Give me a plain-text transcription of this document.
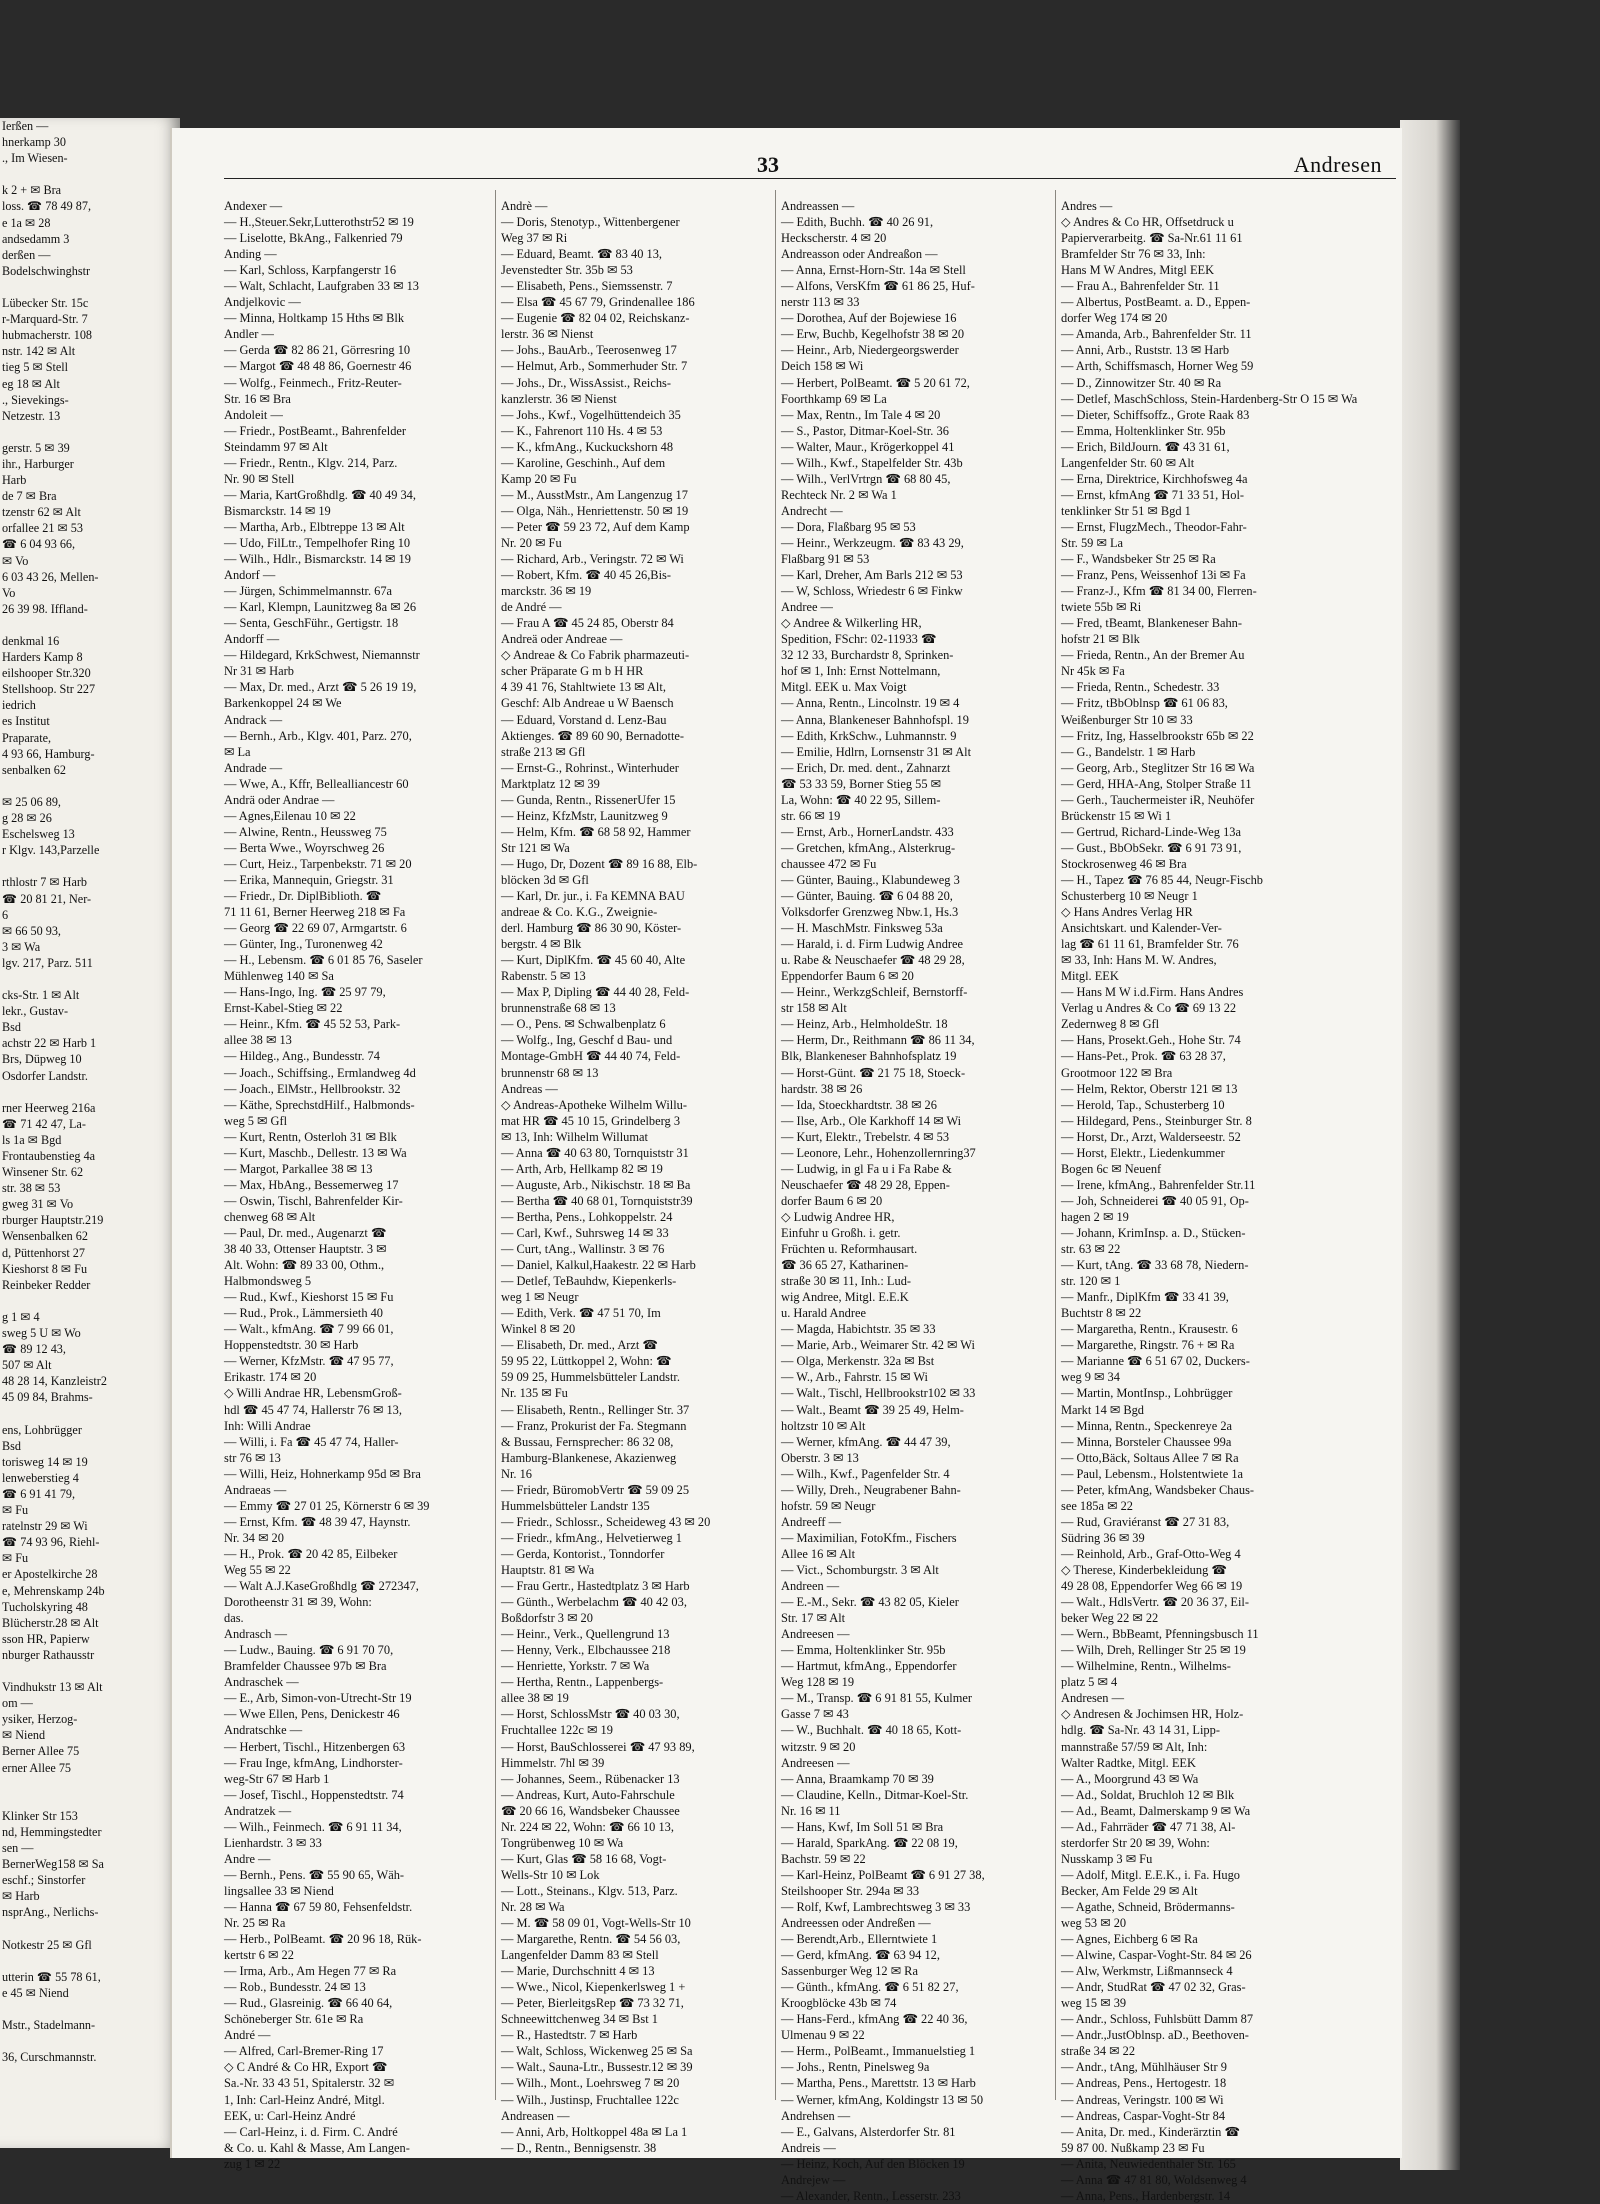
Ierßen —
hnerkamp 30
., Im Wiesen-

k 2 + ✉ Bra
loss. ☎ 78 49 87,
e 1a ✉ 28
andsedamm 3
derßen —
Bodelschwinghstr

Lübecker Str. 15c
r-Marquard-Str. 7
hubmacherstr. 108
nstr. 142 ✉ Alt
tieg 5 ✉ Stell
eg 18 ✉ Alt
., Sievekings-
Netzestr. 13

gerstr. 5 ✉ 39
ihr., Harburger
Harb
de 7 ✉ Bra
tzenstr 62 ✉ Alt
orfallee 21 ✉ 53
☎ 6 04 93 66,
✉ Vo
6 03 43 26, Mellen-
Vo
26 39 98. Iffland-

denkmal 16
Harders Kamp 8
eilshooper Str.320
Stellshoop. Str 227
iedrich
es Institut
Praparate,
4 93 66, Hamburg-
senbalken 62

✉ 25 06 89,
g 28 ✉ 26
Eschelsweg 13
r Klgv. 143,Parzelle

rthlostr 7 ✉ Harb
☎ 20 81 21, Ner-
6
✉ 66 50 93,
3 ✉ Wa
lgv. 217, Parz. 511

cks-Str. 1 ✉ Alt
lekr., Gustav-
Bsd
achstr 22 ✉ Harb 1
Brs, Düpweg 10
Osdorfer Landstr.

rner Heerweg 216a
☎ 71 42 47, La-
ls 1a ✉ Bgd
Frontaubenstieg 4a
Winsener Str. 62
str. 38 ✉ 53
gweg 31 ✉ Vo
rburger Hauptstr.219
Wensenbalken 62
d, Püttenhorst 27
Kieshorst 8 ✉ Fu
Reinbeker Redder

g 1 ✉ 4
sweg 5 U ✉ Wo
☎ 89 12 43,
507 ✉ Alt
48 28 14, Kanzleistr2
45 09 84, Brahms-

ens, Lohbrügger
Bsd
torisweg 14 ✉ 19
lenweberstieg 4
☎ 6 91 41 79,
✉ Fu
ratelnstr 29 ✉ Wi
☎ 74 93 96, Riehl-
✉ Fu
er Apostelkirche 28
e, Mehrenskamp 24b
Tucholskyring 48
Blücherstr.28 ✉ Alt
sson HR, Papierw
nburger Rathausstr

Vindhukstr 13 ✉ Alt
om —
ysiker, Herzog-
✉ Niend
Berner Allee 75
erner Allee 75

Klinker Str 153
nd, Hemmingstedter
sen —
BernerWeg158 ✉ Sa
eschf.; Sinstorfer
✉ Harb
nsprAng., Nerlichs-

Notkestr 25 ✉ Gfl

utterin ☎ 55 78 61,
e 45 ✉ Niend

Mstr., Stadelmann-

36, Curschmannstr.
33	Andresen
Andexer —
— H.,Steuer.Sekr,Lutterothstr52 ✉ 19
— Liselotte, BkAng., Falkenried 79
Anding —
— Karl, Schloss, Karpfangerstr 16
— Walt, Schlacht, Laufgraben 33 ✉ 13
Andjelkovic —
— Minna, Holtkamp 15 Hths ✉ Blk
Andler —
— Gerda ☎ 82 86 21, Görresring 10
— Margot ☎ 48 48 86, Goernestr 46
— Wolfg., Feinmech., Fritz-Reuter-
Str. 16 ✉ Bra
Andoleit —
— Friedr., PostBeamt., Bahrenfelder
Steindamm 97 ✉ Alt
— Friedr., Rentn., Klgv. 214, Parz.
Nr. 90 ✉ Stell
— Maria, KartGroßhdlg. ☎ 40 49 34,
Bismarckstr. 14 ✉ 19
— Martha, Arb., Elbtreppe 13 ✉ Alt
— Udo, FilLtr., Tempelhofer Ring 10
— Wilh., Hdlr., Bismarckstr. 14 ✉ 19
Andorf —
— Jürgen, Schimmelmannstr. 67a
— Karl, Klempn, Launitzweg 8a ✉ 26
— Senta, GeschFühr., Gertigstr. 18
Andorff —
— Hildegard, KrkSchwest, Niemannstr
Nr 31 ✉ Harb
— Max, Dr. med., Arzt ☎ 5 26 19 19,
Barkenkoppel 24 ✉ We
Andrack —
— Bernh., Arb., Klgv. 401, Parz. 270,
✉ La
Andrade —
— Wwe, A., Kffr, Bellealliancestr 60
Andrä oder Andrae —
— Agnes,Eilenau 10 ✉ 22
— Alwine, Rentn., Heussweg 75
— Berta Wwe., Woyrschweg 26
— Curt, Heiz., Tarpenbekstr. 71 ✉ 20
— Erika, Mannequin, Griegstr. 31
— Friedr., Dr. DiplBiblioth. ☎
71 11 61, Berner Heerweg 218 ✉ Fa
— Georg ☎ 22 69 07, Armgartstr. 6
— Günter, Ing., Turonenweg 42
— H., Lebensm. ☎ 6 01 85 76, Saseler
Mühlenweg 140 ✉ Sa
— Hans-Ingo, Ing. ☎ 25 97 79,
Ernst-Kabel-Stieg ✉ 22
— Heinr., Kfm. ☎ 45 52 53, Park-
allee 38 ✉ 13
— Hildeg., Ang., Bundesstr. 74
— Joach., Schiffsing., Ermlandweg 4d
— Joach., ElMstr., Hellbrookstr. 32
— Käthe, SprechstdHilf., Halbmonds-
weg 5 ✉ Gfl
— Kurt, Rentn, Osterloh 31 ✉ Blk
— Kurt, Maschb., Dellestr. 13 ✉ Wa
— Margot, Parkallee 38 ✉ 13
— Max, HbAng., Bessemerweg 17
— Oswin, Tischl, Bahrenfelder Kir-
chenweg 68 ✉ Alt
— Paul, Dr. med., Augenarzt ☎
38 40 33, Ottenser Hauptstr. 3 ✉
Alt. Wohn: ☎ 89 33 00, Othm.,
Halbmondsweg 5
— Rud., Kwf., Kieshorst 15 ✉ Fu
— Rud., Prok., Lämmersieth 40
— Walt., kfmAng. ☎ 7 99 66 01,
Hoppenstedtstr. 30 ✉ Harb
— Werner, KfzMstr. ☎ 47 95 77,
Erikastr. 174 ✉ 20
◇ Willi Andrae HR, LebensmGroß-
hdl ☎ 45 47 74, Hallerstr 76 ✉ 13,
Inh: Willi Andrae
— Willi, i. Fa ☎ 45 47 74, Haller-
str 76 ✉ 13
— Willi, Heiz, Hohnerkamp 95d ✉ Bra
Andraeas —
— Emmy ☎ 27 01 25, Körnerstr 6 ✉ 39
— Ernst, Kfm. ☎ 48 39 47, Haynstr.
Nr. 34 ✉ 20
— H., Prok. ☎ 20 42 85, Eilbeker
Weg 55 ✉ 22
— Walt A.J.KaseGroßhdlg ☎ 272347,
Dorotheenstr 31 ✉ 39, Wohn:
das.
Andrasch —
— Ludw., Bauing. ☎ 6 91 70 70,
Bramfelder Chaussee 97b ✉ Bra
Andraschek —
— E., Arb, Simon-von-Utrecht-Str 19
— Wwe Ellen, Pens, Denickestr 46
Andratschke —
— Herbert, Tischl., Hitzenbergen 63
— Frau Inge, kfmAng, Lindhorster-
weg-Str 67 ✉ Harb 1
— Josef, Tischl., Hoppenstedtstr. 74
Andratzek —
— Wilh., Feinmech. ☎ 6 91 11 34,
Lienhardstr. 3 ✉ 33
Andre —
— Bernh., Pens. ☎ 55 90 65, Wäh-
lingsallee 33 ✉ Niend
— Hanna ☎ 67 59 80, Fehsenfeldstr.
Nr. 25 ✉ Ra
— Herb., PolBeamt. ☎ 20 96 18, Rük-
kertstr 6 ✉ 22
— Irma, Arb., Am Hegen 77 ✉ Ra
— Rob., Bundesstr. 24 ✉ 13
— Rud., Glasreinig. ☎ 66 40 64,
Schöneberger Str. 61e ✉ Ra
André —
— Alfred, Carl-Bremer-Ring 17
◇ C André & Co HR, Export ☎
Sa.-Nr. 33 43 51, Spitalerstr. 32 ✉
1, Inh: Carl-Heinz André, Mitgl.
EEK, u: Carl-Heinz André
— Carl-Heinz, i. d. Firm. C. André
& Co. u. Kahl & Masse, Am Langen-
zug 1 ✉ 22
Andrè —
— Doris, Stenotyp., Wittenbergener
Weg 37 ✉ Ri
— Eduard, Beamt. ☎ 83 40 13,
Jevenstedter Str. 35b ✉ 53
— Elisabeth, Pens., Siemssenstr. 7
— Elsa ☎ 45 67 79, Grindenallee 186
— Eugenie ☎ 82 04 02, Reichskanz-
lerstr. 36 ✉ Nienst
— Johs., BauArb., Teerosenweg 17
— Helmut, Arb., Sommerhuder Str. 7
— Johs., Dr., WissAssist., Reichs-
kanzlerstr. 36 ✉ Nienst
— Johs., Kwf., Vogelhüttendeich 35
— K., Fahrenort 110 Hs. 4 ✉ 53
— K., kfmAng., Kuckuckshorn 48
— Karoline, Geschinh., Auf dem
Kamp 20 ✉ Fu
— M., AusstMstr., Am Langenzug 17
— Olga, Näh., Henriettenstr. 50 ✉ 19
— Peter ☎ 59 23 72, Auf dem Kamp
Nr. 20 ✉ Fu
— Richard, Arb., Veringstr. 72 ✉ Wi
— Robert, Kfm. ☎ 40 45 26,Bis-
marckstr. 36 ✉ 19
de André —
— Frau A ☎ 45 24 85, Oberstr 84
Andreä oder Andreae —
◇ Andreae & Co Fabrik pharmazeuti-
scher Präparate G m b H HR
4 39 41 76, Stahltwiete 13 ✉ Alt,
Geschf: Alb Andreae u W Baensch
— Eduard, Vorstand d. Lenz-Bau
Aktienges. ☎ 89 60 90, Bernadotte-
straße 213 ✉ Gfl
— Ernst-G., Rohrinst., Winterhuder
Marktplatz 12 ✉ 39
— Gunda, Rentn., RissenerUfer 15
— Heinz, KfzMstr, Launitzweg 9
— Helm, Kfm. ☎ 68 58 92, Hammer
Str 121 ✉ Wa
— Hugo, Dr, Dozent ☎ 89 16 88, Elb-
blöcken 3d ✉ Gfl
— Karl, Dr. jur., i. Fa KEMNA BAU
andreae & Co. K.G., Zweignie-
derl. Hamburg ☎ 86 30 90, Köster-
bergstr. 4 ✉ Blk
— Kurt, DiplKfm. ☎ 45 60 40, Alte
Rabenstr. 5 ✉ 13
— Max P, Dipling ☎ 44 40 28, Feld-
brunnenstraße 68 ✉ 13
— O., Pens. ✉ Schwalbenplatz 6
— Wolfg., Ing, Geschf d Bau- und
Montage-GmbH ☎ 44 40 74, Feld-
brunnenstr 68 ✉ 13
Andreas —
◇ Andreas-Apotheke Wilhelm Willu-
mat HR ☎ 45 10 15, Grindelberg 3
✉ 13, Inh: Wilhelm Willumat
— Anna ☎ 40 63 80, Tornquiststr 31
— Arth, Arb, Hellkamp 82 ✉ 19
— Auguste, Arb., Nikischstr. 18 ✉ Ba
— Bertha ☎ 40 68 01, Tornquiststr39
— Bertha, Pens., Lohkoppelstr. 24
— Carl, Kwf., Suhrsweg 14 ✉ 33
— Curt, tAng., Wallinstr. 3 ✉ 76
— Daniel, Kalkul,Haakestr. 22 ✉ Harb
— Detlef, TeBauhdw, Kiepenkerls-
weg 1 ✉ Neugr
— Edith, Verk. ☎ 47 51 70, Im
Winkel 8 ✉ 20
— Elisabeth, Dr. med., Arzt ☎
59 95 22, Lüttkoppel 2, Wohn: ☎
59 09 25, Hummelsbütteler Landstr.
Nr. 135 ✉ Fu
— Elisabeth, Rentn., Rellinger Str. 37
— Franz, Prokurist der Fa. Stegmann
& Bussau, Fernsprecher: 86 32 08,
Hamburg-Blankenese, Akazienweg
Nr. 16
— Friedr, BüromobVertr ☎ 59 09 25
Hummelsbütteler Landstr 135
— Friedr., Schlossr., Scheideweg 43 ✉ 20
— Friedr., kfmAng., Helvetierweg 1
— Gerda, Kontorist., Tonndorfer
Hauptstr. 81 ✉ Wa
— Frau Gertr., Hastedtplatz 3 ✉ Harb
— Günth., Werbelachm ☎ 40 42 03,
Boßdorfstr 3 ✉ 20
— Heinr., Verk., Quellengrund 13
— Henny, Verk., Elbchaussee 218
— Henriette, Yorkstr. 7 ✉ Wa
— Hertha, Rentn., Lappenbergs-
allee 38 ✉ 19
— Horst, SchlossMstr ☎ 40 03 30,
Fruchtallee 122c ✉ 19
— Horst, BauSchlosserei ☎ 47 93 89,
Himmelstr. 7hl ✉ 39
— Johannes, Seem., Rübenacker 13
— Andreas, Kurt, Auto-Fahrschule
☎ 20 66 16, Wandsbeker Chaussee
Nr. 224 ✉ 22, Wohn: ☎ 66 10 13,
Tongrübenweg 10 ✉ Wa
— Kurt, Glas ☎ 58 16 68, Vogt-
Wells-Str 10 ✉ Lok
— Lott., Steinans., Klgv. 513, Parz.
Nr. 28 ✉ Wa
— M. ☎ 58 09 01, Vogt-Wells-Str 10
— Margarethe, Rentn. ☎ 54 56 03,
Langenfelder Damm 83 ✉ Stell
— Marie, Durchschnitt 4 ✉ 13
— Wwe., Nicol, Kiepenkerlsweg 1 +
— Peter, BierleitgsRep ☎ 73 32 71,
Schneewittchenweg 34 ✉ Bst 1
— R., Hastedtstr. 7 ✉ Harb
— Walt, Schloss, Wickenweg 25 ✉ Sa
— Walt., Sauna-Ltr., Bussestr.12 ✉ 39
— Wilh., Mont., Loehrsweg 7 ✉ 20
— Wilh., Justinsp, Fruchtallee 122c
Andreasen —
— Anni, Arb, Holtkoppel 48a ✉ La 1
— D., Rentn., Bennigsenstr. 38
Andreassen —
— Edith, Buchh. ☎ 40 26 91,
Heckscherstr. 4 ✉ 20
Andreasson oder Andreaßon —
— Anna, Ernst-Horn-Str. 14a ✉ Stell
— Alfons, VersKfm ☎ 61 86 25, Huf-
nerstr 113 ✉ 33
— Dorothea, Auf der Bojewiese 16
— Erw, Buchb, Kegelhofstr 38 ✉ 20
— Heinr., Arb, Niedergeorgswerder
Deich 158 ✉ Wi
— Herbert, PolBeamt. ☎ 5 20 61 72,
Foorthkamp 69 ✉ La
— Max, Rentn., Im Tale 4 ✉ 20
— S., Pastor, Ditmar-Koel-Str. 36
— Walter, Maur., Krögerkoppel 41
— Wilh., Kwf., Stapelfelder Str. 43b
— Wilh., VerlVrtrgn ☎ 68 80 45,
Rechteck Nr. 2 ✉ Wa 1
Andrecht —
— Dora, Flaßbarg 95 ✉ 53
— Heinr., Werkzeugm. ☎ 83 43 29,
Flaßbarg 91 ✉ 53
— Karl, Dreher, Am Barls 212 ✉ 53
— W, Schloss, Wriedestr 6 ✉ Finkw
Andree —
◇ Andree & Wilkerling HR,
Spedition, FSchr: 02-11933 ☎
32 12 33, Burchardstr 8, Sprinken-
hof ✉ 1, Inh: Ernst Nottelmann,
Mitgl. EEK u. Max Voigt
— Anna, Rentn., Lincolnstr. 19 ✉ 4
— Anna, Blankeneser Bahnhofspl. 19
— Edith, KrkSchw., Luhmannstr. 9
— Emilie, Hdlrn, Lornsenstr 31 ✉ Alt
— Erich, Dr. med. dent., Zahnarzt
☎ 53 33 59, Borner Stieg 55 ✉
La, Wohn: ☎ 40 22 95, Sillem-
str. 66 ✉ 19
— Ernst, Arb., HornerLandstr. 433
— Gretchen, kfmAng., Alsterkrug-
chaussee 472 ✉ Fu
— Günter, Bauing., Klabundeweg 3
— Günter, Bauing. ☎ 6 04 88 20,
Volksdorfer Grenzweg Nbw.1, Hs.3
— H. MaschMstr. Finksweg 53a
— Harald, i. d. Firm Ludwig Andree
u. Rabe & Neuschaefer ☎ 48 29 28,
Eppendorfer Baum 6 ✉ 20
— Heinr., WerkzgSchleif, Bernstorff-
str 158 ✉ Alt
— Heinz, Arb., HelmholdeStr. 18
— Herm, Dr., Reithmann ☎ 86 11 34,
Blk, Blankeneser Bahnhofsplatz 19
— Horst-Günt. ☎ 21 75 18, Stoeck-
hardstr. 38 ✉ 26
— Ida, Stoeckhardtstr. 38 ✉ 26
— Ilse, Arb., Ole Karkhoff 14 ✉ Wi
— Kurt, Elektr., Trebelstr. 4 ✉ 53
— Leonore, Lehr., Hohenzollernring37
— Ludwig, in gl Fa u i Fa Rabe &
Neuschaefer ☎ 48 29 28, Eppen-
dorfer Baum 6 ✉ 20
◇ Ludwig Andree HR,
Einfuhr u Großh. i. getr.
Früchten u. Reformhausart.
☎ 36 65 27, Katharinen-
straße 30 ✉ 11, Inh.: Lud-
wig Andree, Mitgl. E.E.K
u. Harald Andree
— Magda, Habichtstr. 35 ✉ 33
— Marie, Arb., Weimarer Str. 42 ✉ Wi
— Olga, Merkenstr. 32a ✉ Bst
— W., Arb., Fahrstr. 15 ✉ Wi
— Walt., Tischl, Hellbrookstr102 ✉ 33
— Walt., Beamt ☎ 39 25 49, Helm-
holtzstr 10 ✉ Alt
— Werner, kfmAng. ☎ 44 47 39,
Oberstr. 3 ✉ 13
— Wilh., Kwf., Pagenfelder Str. 4
— Willy, Dreh., Neugrabener Bahn-
hofstr. 59 ✉ Neugr
Andreeff —
— Maximilian, FotoKfm., Fischers
Allee 16 ✉ Alt
— Vict., Schomburgstr. 3 ✉ Alt
Andreen —
— E.-M., Sekr. ☎ 43 82 05, Kieler
Str. 17 ✉ Alt
Andreesen —
— Emma, Holtenklinker Str. 95b
— Hartmut, kfmAng., Eppendorfer
Weg 128 ✉ 19
— M., Transp. ☎ 6 91 81 55, Kulmer
Gasse 7 ✉ 43
— W., Buchhalt. ☎ 40 18 65, Kott-
witzstr. 9 ✉ 20
Andreesen —
— Anna, Braamkamp 70 ✉ 39
— Claudine, Kelln., Ditmar-Koel-Str.
Nr. 16 ✉ 11
— Hans, Kwf, Im Soll 51 ✉ Bra
— Harald, SparkAng. ☎ 22 08 19,
Bachstr. 59 ✉ 22
— Karl-Heinz, PolBeamt ☎ 6 91 27 38,
Steilshooper Str. 294a ✉ 33
— Rolf, Kwf, Lambrechtsweg 3 ✉ 33
Andreessen oder Andreßen —
— Berendt,Arb., Ellerntwiete 1
— Gerd, kfmAng. ☎ 63 94 12,
Sassenburger Weg 12 ✉ Ra
— Günth., kfmAng. ☎ 6 51 82 27,
Kroogblöcke 43b ✉ 74
— Hans-Ferd., kfmAng ☎ 22 40 36,
Ulmenau 9 ✉ 22
— Herm., PolBeamt., Immanuelstieg 1
— Johs., Rentn, Pinelsweg 9a
— Martha, Pens., Marettstr. 13 ✉ Harb
— Werner, kfmAng, Koldingstr 13 ✉ 50
Andrehsen —
— E., Galvans, Alsterdorfer Str. 81
Andreis —
— Heinz, Koch, Auf den Blöcken 19
Andrejew —
— Alexander, Rentn., Lesserstr. 233
Andres —
◇ Andres & Co HR, Offsetdruck u
Papierverarbeitg. ☎ Sa-Nr.61 11 61
Bramfelder Str 76 ✉ 33, Inh:
Hans M W Andres, Mitgl EEK
— Frau A., Bahrenfelder Str. 11
— Albertus, PostBeamt. a. D., Eppen-
dorfer Weg 174 ✉ 20
— Amanda, Arb., Bahrenfelder Str. 11
— Anni, Arb., Ruststr. 13 ✉ Harb
— Arth, Schiffsmasch, Horner Weg 59
— D., Zinnowitzer Str. 40 ✉ Ra
— Detlef, MaschSchloss, Stein-Hardenberg-Str O 15 ✉ Wa
— Dieter, Schiffsoffz., Grote Raak 83
— Emma, Holtenklinker Str. 95b
— Erich, BildJourn. ☎ 43 31 61,
Langenfelder Str. 60 ✉ Alt
— Erna, Direktrice, Kirchhofsweg 4a
— Ernst, kfmAng ☎ 71 33 51, Hol-
tenklinker Str 51 ✉ Bgd 1
— Ernst, FlugzMech., Theodor-Fahr-
Str. 59 ✉ La
— F., Wandsbeker Str 25 ✉ Ra
— Franz, Pens, Weissenhof 13i ✉ Fa
— Franz-J., Kfm ☎ 81 34 00, Flerren-
twiete 55b ✉ Ri
— Fred, tBeamt, Blankeneser Bahn-
hofstr 21 ✉ Blk
— Frieda, Rentn., An der Bremer Au
Nr 45k ✉ Fa
— Frieda, Rentn., Schedestr. 33
— Fritz, tBbOblnsp ☎ 61 06 83,
Weißenburger Str 10 ✉ 33
— Fritz, Ing, Hasselbrookstr 65b ✉ 22
— G., Bandelstr. 1 ✉ Harb
— Georg, Arb., Steglitzer Str 16 ✉ Wa
— Gerd, HHA-Ang, Stolper Straße 11
— Gerh., Tauchermeister iR, Neuhöfer
Brückenstr 15 ✉ Wi 1
— Gertrud, Richard-Linde-Weg 13a
— Gust., BbObSekr. ☎ 6 91 73 91,
Stockrosenweg 46 ✉ Bra
— H., Tapez ☎ 76 85 44, Neugr-Fischb
Schusterberg 10 ✉ Neugr 1
◇ Hans Andres Verlag HR
Ansichtskart. und Kalender-Ver-
lag ☎ 61 11 61, Bramfelder Str. 76
✉ 33, Inh: Hans M. W. Andres,
Mitgl. EEK
— Hans M W i.d.Firm. Hans Andres
Verlag u Andres & Co ☎ 69 13 22
Zedernweg 8 ✉ Gfl
— Hans, Prosekt.Geh., Hohe Str. 74
— Hans-Pet., Prok. ☎ 63 28 37,
Grootmoor 122 ✉ Bra
— Helm, Rektor, Oberstr 121 ✉ 13
— Herold, Tap., Schusterberg 10
— Hildegard, Pens., Steinburger Str. 8
— Horst, Dr., Arzt, Walderseestr. 52
— Horst, Elektr., Liedenkummer
Bogen 6c ✉ Neuenf
— Irene, kfmAng., Bahrenfelder Str.11
— Joh, Schneiderei ☎ 40 05 91, Op-
hagen 2 ✉ 19
— Johann, KrimInsp. a. D., Stücken-
str. 63 ✉ 22
— Kurt, tAng. ☎ 33 68 78, Niedern-
str. 120 ✉ 1
— Manfr., DiplKfm ☎ 33 41 39,
Buchtstr 8 ✉ 22
— Margaretha, Rentn., Krausestr. 6
— Margarethe, Ringstr. 76 + ✉ Ra
— Marianne ☎ 6 51 67 02, Duckers-
weg 9 ✉ 34
— Martin, MontInsp., Lohbrügger
Markt 14 ✉ Bgd
— Minna, Rentn., Speckenreye 2a
— Minna, Borsteler Chaussee 99a
— Otto,Bäck, Soltaus Allee 7 ✉ Ra
— Paul, Lebensm., Holstentwiete 1a
— Peter, kfmAng, Wandsbeker Chaus-
see 185a ✉ 22
— Rud, Graviéranst ☎ 27 31 83,
Südring 36 ✉ 39
— Reinhold, Arb., Graf-Otto-Weg 4
◇ Therese, Kinderbekleidung ☎
49 28 08, Eppendorfer Weg 66 ✉ 19
— Walt., HdlsVertr. ☎ 20 36 37, Eil-
beker Weg 22 ✉ 22
— Wern., BbBeamt, Pfenningsbusch 11
— Wilh, Dreh, Rellinger Str 25 ✉ 19
— Wilhelmine, Rentn., Wilhelms-
platz 5 ✉ 4
Andresen —
◇ Andresen & Jochimsen HR, Holz-
hdlg. ☎ Sa-Nr. 43 14 31, Lipp-
mannstraße 57/59 ✉ Alt, Inh:
Walter Radtke, Mitgl. EEK
— A., Moorgrund 43 ✉ Wa
— Ad., Soldat, Bruchloh 12 ✉ Blk
— Ad., Beamt, Dalmerskamp 9 ✉ Wa
— Ad., Fahrräder ☎ 47 71 38, Al-
sterdorfer Str 20 ✉ 39, Wohn:
Nusskamp 3 ✉ Fu
— Adolf, Mitgl. E.E.K., i. Fa. Hugo
Becker, Am Felde 29 ✉ Alt
— Agathe, Schneid, Brödermanns-
weg 53 ✉ 20
— Agnes, Eichberg 6 ✉ Ra
— Alwine, Caspar-Voght-Str. 84 ✉ 26
— Alw, Werkmstr, Lißmannseck 4
— Andr, StudRat ☎ 47 02 32, Gras-
weg 15 ✉ 39
— Andr., Schloss, Fuhlsbütt Damm 87
— Andr.,JustOblnsp. aD., Beethoven-
straße 34 ✉ 22
— Andr., tAng, Mühlhäuser Str 9
— Andreas, Pens., Hertogestr. 18
— Andreas, Veringstr. 100 ✉ Wi
— Andreas, Caspar-Voght-Str 84
— Anita, Dr. med., Kinderärztin ☎
59 87 00. Nußkamp 23 ✉ Fu
— Anita, Neuwiedenthaler Str. 165
— Anna ☎ 47 81 80, Woldsenweg 4
— Anna, Pens., Hardenbergstr. 14
